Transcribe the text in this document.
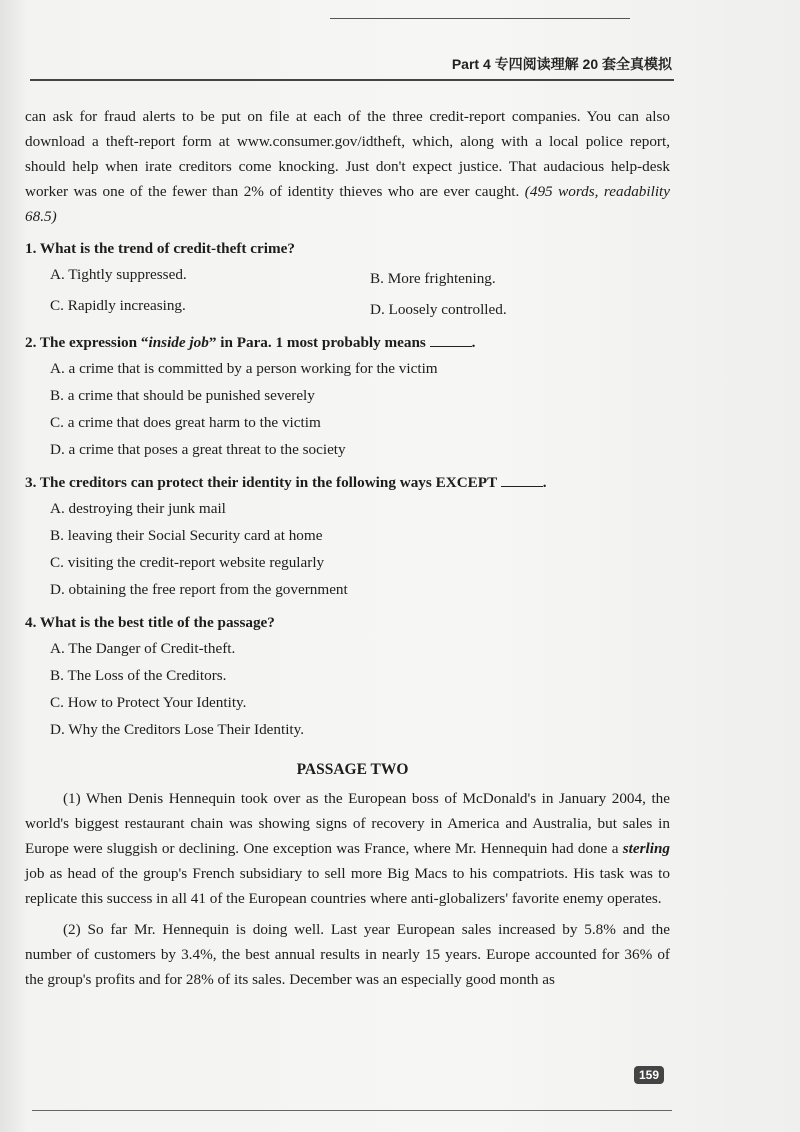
Part 4 专四阅读理解 20 套全真模拟

can ask for fraud alerts to be put on file at each of the three credit-report companies. You can also download a theft-report form at www.consumer.gov/idtheft, which, along with a local police report, should help when irate creditors come knocking. Just don't expect justice. That audacious help-desk worker was one of the fewer than 2% of identity thieves who are ever caught. (495 words, readability 68.5)

1. What is the trend of credit-theft crime?
A. Tightly suppressed.	B. More frightening.
C. Rapidly increasing.	D. Loosely controlled.
2. The expression “inside job” in Para. 1 most probably means	.
A. a crime that is committed by a person working for the victim
B. a crime that should be punished severely
C. a crime that does great harm to the victim
D. a crime that poses a great threat to the society
3. The creditors can protect their identity in the following ways EXCEPT	.
A. destroying their junk mail
B. leaving their Social Security card at home
C. visiting the credit-report website regularly
D. obtaining the free report from the government
4. What is the best title of the passage?
A. The Danger of Credit-theft.
B. The Loss of the Creditors.
C. How to Protect Your Identity.
D. Why the Creditors Lose Their Identity.
PASSAGE TWO

(1) When Denis Hennequin took over as the European boss of McDonald's in January 2004, the world's biggest restaurant chain was showing signs of recovery in America and Australia, but sales in Europe were sluggish or declining. One exception was France, where Mr. Hennequin had done a sterling job as head of the group's French subsidiary to sell more Big Macs to his compatriots. His task was to replicate this success in all 41 of the European countries where anti-globalizers' favorite enemy operates.

(2) So far Mr. Hennequin is doing well. Last year European sales increased by 5.8% and the number of customers by 3.4%, the best annual results in nearly 15 years. Europe accounted for 36% of the group's profits and for 28% of its sales. December was an especially good month as

159
